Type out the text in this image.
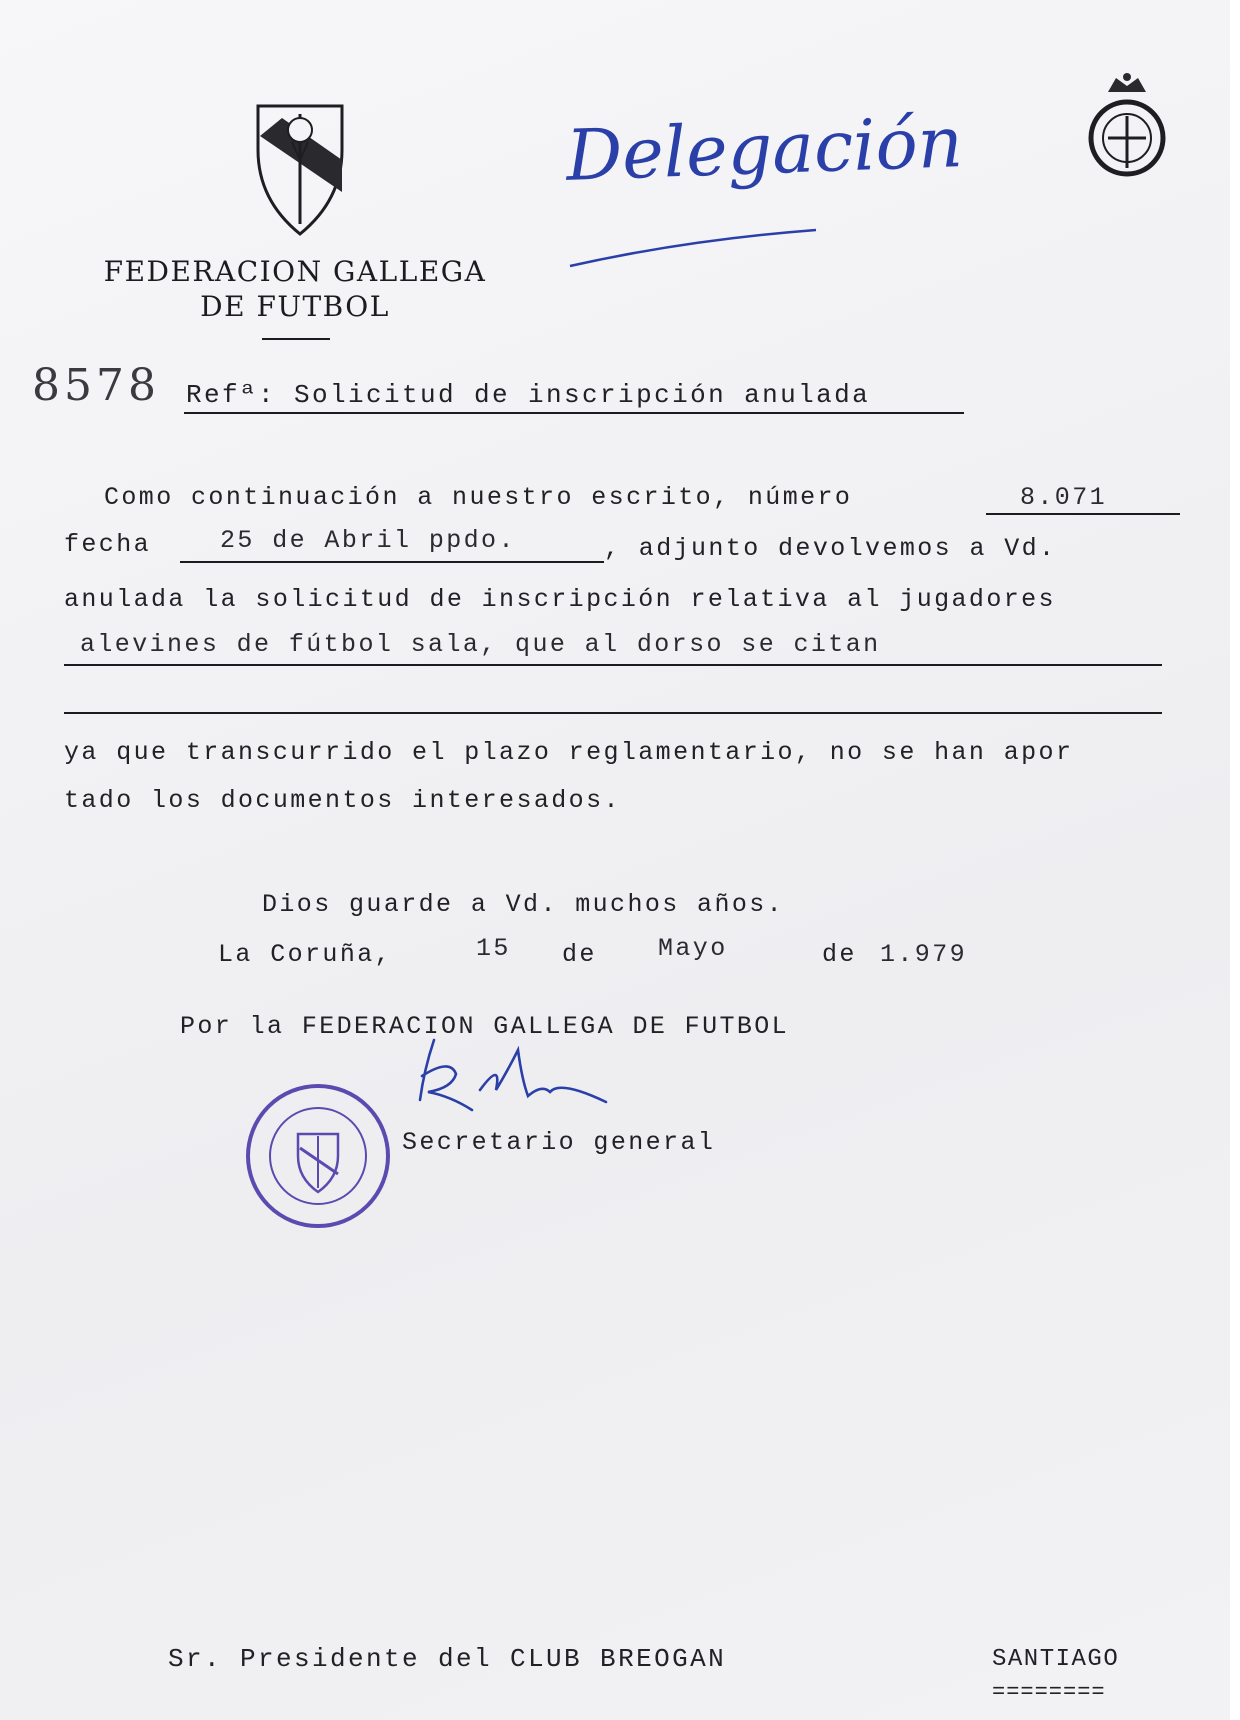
FEDERACION GALLEGA
DE FUTBOL
Delegación
8578 Refª: Solicitud de inscripción anulada
Como continuación a nuestro escrito, número	8.071
fecha	25 de Abril ppdo.	, adjunto devolvemos a Vd.
anulada la solicitud de inscripción relativa al jugadores
alevines de fútbol sala, que al dorso se citan
ya que transcurrido el plazo reglamentario, no se han apor
tado los documentos interesados.
Dios guarde a Vd. muchos años.
La Coruña,	15 de Mayo	de 1.979
Por la FEDERACION GALLEGA DE FUTBOL
Secretario general
Sr. Presidente del CLUB BREOGAN	SANTIAGO
========
